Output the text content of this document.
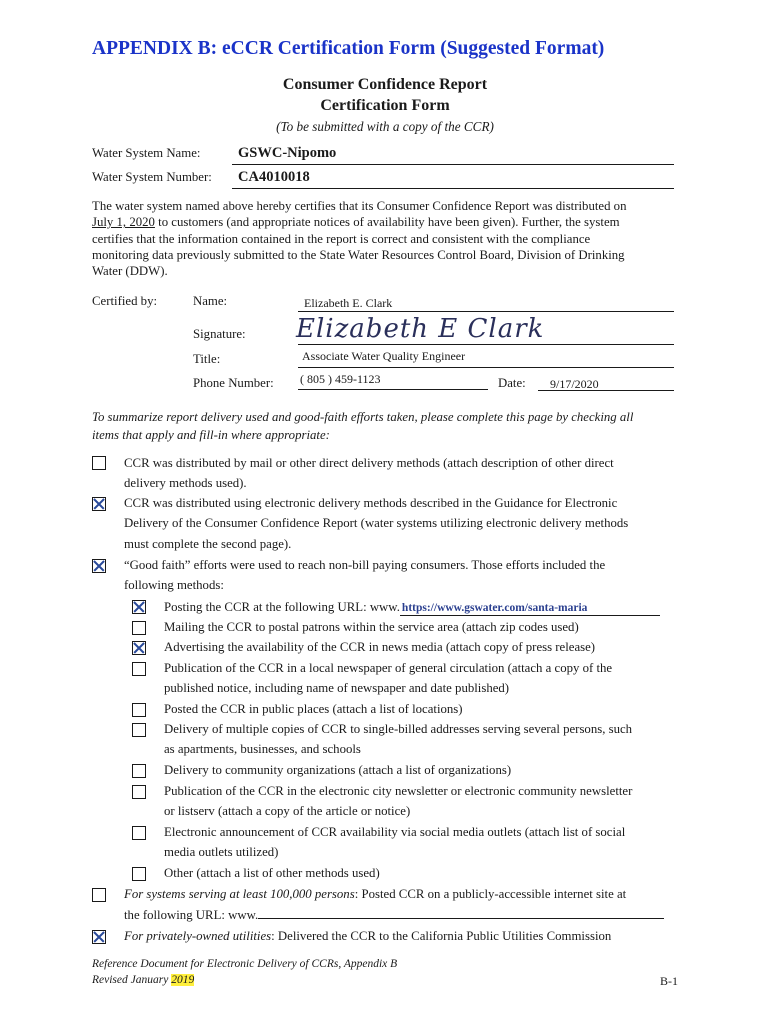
APPENDIX B: eCCR Certification Form (Suggested Format)
Consumer Confidence Report
Certification Form
(To be submitted with a copy of the CCR)
Water System Name:	GSWC-Nipomo
Water System Number: CA4010018
The water system named above hereby certifies that its Consumer Confidence Report was distributed on
July 1, 2020 to customers (and appropriate notices of availability have been given). Further, the system
certifies that the information contained in the report is correct and consistent with the compliance
monitoring data previously submitted to the State Water Resources Control Board, Division of Drinking
Water (DDW).
Certified by:	Name:	Elizabeth E. Clark
Signature: Elizabeth E Clark
Title:	Associate Water Quality Engineer
Phone Number: ( 805 ) 459-1123	Date: 9/17/2020
To summarize report delivery used and good-faith efforts taken, please complete this page by checking all
items that apply and fill-in where appropriate:
CCR was distributed by mail or other direct delivery methods (attach description of other direct
delivery methods used).
CCR was distributed using electronic delivery methods described in the Guidance for Electronic
Delivery of the Consumer Confidence Report (water systems utilizing electronic delivery methods
must complete the second page).
“Good faith” efforts were used to reach non-bill paying consumers. Those efforts included the
following methods:
Posting the CCR at the following URL: www. https://www.gswater.com/santa-maria
Mailing the CCR to postal patrons within the service area (attach zip codes used)
Advertising the availability of the CCR in news media (attach copy of press release)
Publication of the CCR in a local newspaper of general circulation (attach a copy of the
published notice, including name of newspaper and date published)
Posted the CCR in public places (attach a list of locations)
Delivery of multiple copies of CCR to single-billed addresses serving several persons, such
as apartments, businesses, and schools
Delivery to community organizations (attach a list of organizations)
Publication of the CCR in the electronic city newsletter or electronic community newsletter
or listserv (attach a copy of the article or notice)
Electronic announcement of CCR availability via social media outlets (attach list of social
media outlets utilized)
Other (attach a list of other methods used)
For systems serving at least 100,000 persons: Posted CCR on a publicly-accessible internet site at
the following URL: www.
For privately-owned utilities: Delivered the CCR to the California Public Utilities Commission
Reference Document for Electronic Delivery of CCRs, Appendix B
Revised January 2019	B-1
